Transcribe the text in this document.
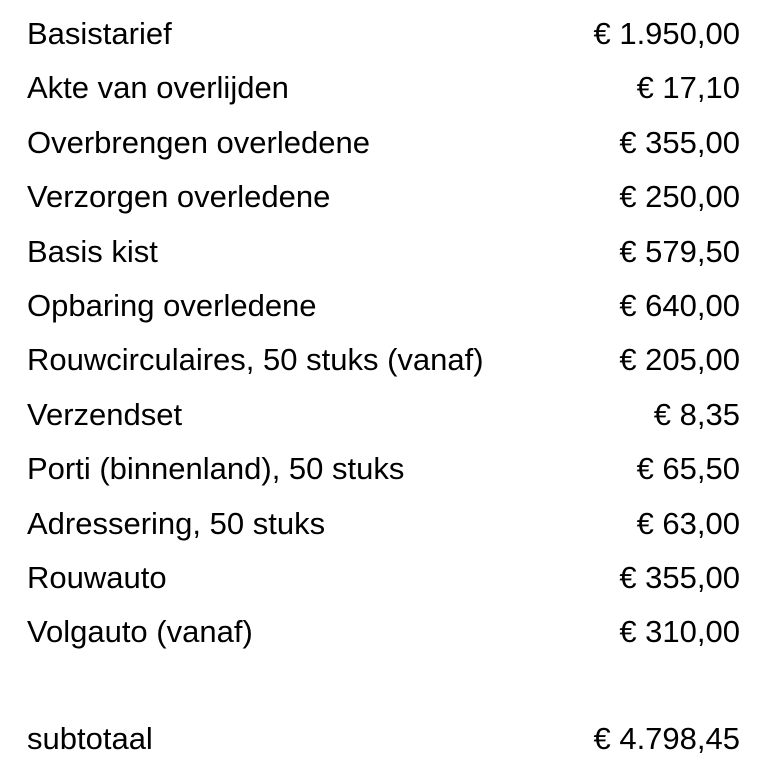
Basistarief	€ 1.950,00
Akte van overlijden	€ 17,10
Overbrengen overledene	€ 355,00
Verzorgen overledene	€ 250,00
Basis kist	€ 579,50
Opbaring overledene	€ 640,00
Rouwcirculaires, 50 stuks (vanaf)	€ 205,00
Verzendset	€ 8,35
Porti (binnenland), 50 stuks	€ 65,50
Adressering, 50 stuks	€ 63,00
Rouwauto	€ 355,00
Volgauto (vanaf)	€ 310,00
subtotaal	€ 4.798,45
